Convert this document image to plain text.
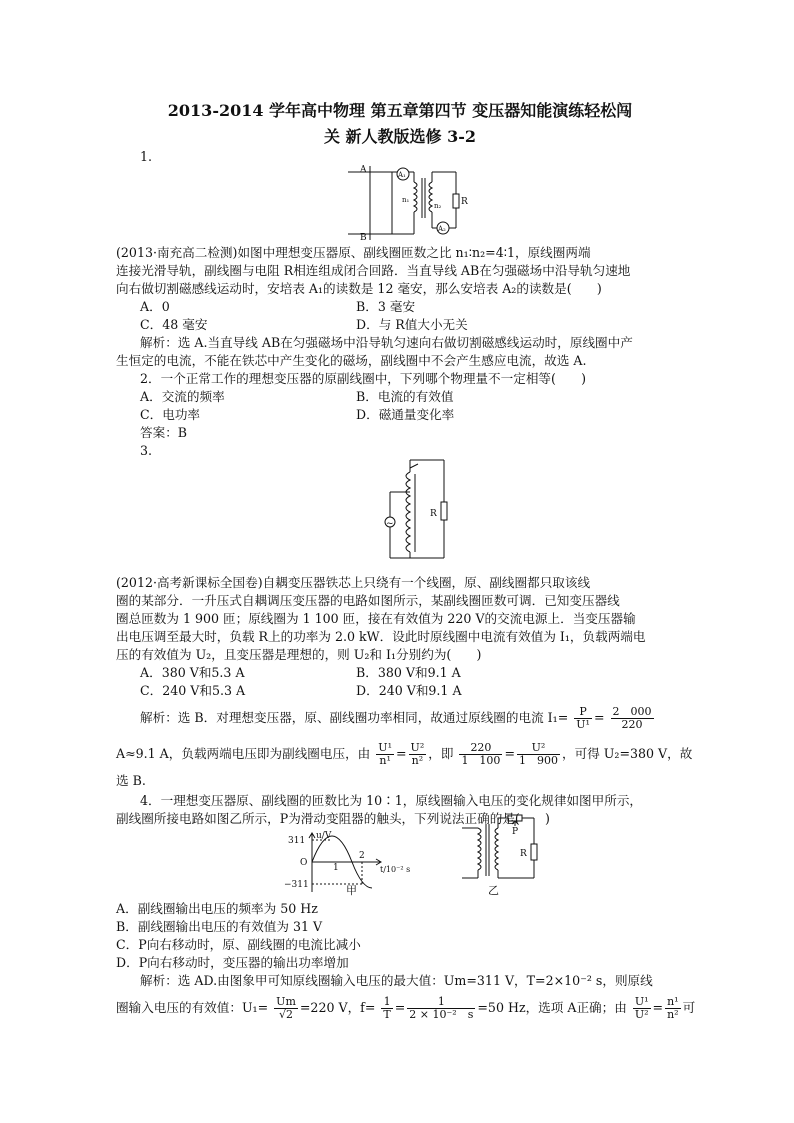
2013-2014 学年高中物理 第五章第四节 变压器知能演练轻松闯
关 新人教版选修 3-2
1.
A
B
A₁
A₂
n₁
n₂ R
(2013·南充高二检测)如图中理想变压器原、副线圈匝数之比 n₁∶n₂=4∶1，原线圈两端
连接光滑导轨，副线圈与电阻 R相连组成闭合回路．当直导线 AB在匀强磁场中沿导轨匀速地
向右做切割磁感线运动时，安培表 A₁的读数是 12 毫安，那么安培表 A₂的读数是(　　)
A．0	B．3 毫安
C．48 毫安	D．与 R值大小无关
解析：选 A.当直导线 AB在匀强磁场中沿导轨匀速向右做切割磁感线运动时，原线圈中产
生恒定的电流，不能在铁芯中产生变化的磁场，副线圈中不会产生感应电流，故选 A.
2．一个正常工作的理想变压器的原副线圈中，下列哪个物理量不一定相等(　　)
A．交流的频率	B．电流的有效值
C．电功率	D．磁通量变化率
答案：B
3.
~
R
(2012·高考新课标全国卷)自耦变压器铁芯上只绕有一个线圈，原、副线圈都只取该线
圈的某部分．一升压式自耦调压变压器的电路如图所示，某副线圈匝数可调．已知变压器线
圈总匝数为 1 900 匝；原线圈为 1 100 匝，接在有效值为 220 V的交流电源上．当变压器输
出电压调至最大时，负载 R上的功率为 2.0 kW．设此时原线圈中电流有效值为 I₁，负载两端电
压的有效值为 U₂，且变压器是理想的，则 U₂和 I₁分别约为(　　)
A．380 V和5.3 A	B．380 V和9.1 A
C．240 V和5.3 A	D．240 V和9.1 A
解析：选 B．对理想变压器，原、副线圈功率相同，故通过原线圈的电流 $I_1= \frac{P}{\text{U¹}} = \frac{2 000}{220}$
A≈9.1 A，负载两端电压即为副线圈电压，由 $\frac{\text{U¹}}{\text{n¹}} = \frac{\text{U²}}{\text{n²}}$ ，即 $\frac{220}{1 100} = \frac{\text{U²}}{1 900}$ ，可得 U₂=380 V，故
选 B.
4．一理想变压器原、副线圈的匝数比为 10∶1，原线圈输入电压的变化规律如图甲所示，
副线圈所接电路如图乙所示，P为滑动变阻器的触头，下列说法正确的是(　　)
u/V
311
O
−311
1
2
t/10⁻² s
甲
P
R
乙
A．副线圈输出电压的频率为 50 Hz
B．副线圈输出电压的有效值为 31 V
C．P向右移动时，原、副线圈的电流比减小
D．P向右移动时，变压器的输出功率增加
解析：选 AD.由图象甲可知原线圈输入电压的最大值：Um=311 V，T=2×10⁻² s，则原线
圈输入电压的有效值：$U_1= \frac{Um}{√2} =220$ V，$f= \frac{1}{T} = \frac{1}{\text{2 × 10⁻²　s}} =50$ Hz，选项 A正确；由 $\frac{\text{U¹}}{\text{U²}} = \frac{\text{n¹}}{\text{n²}}$ 可
